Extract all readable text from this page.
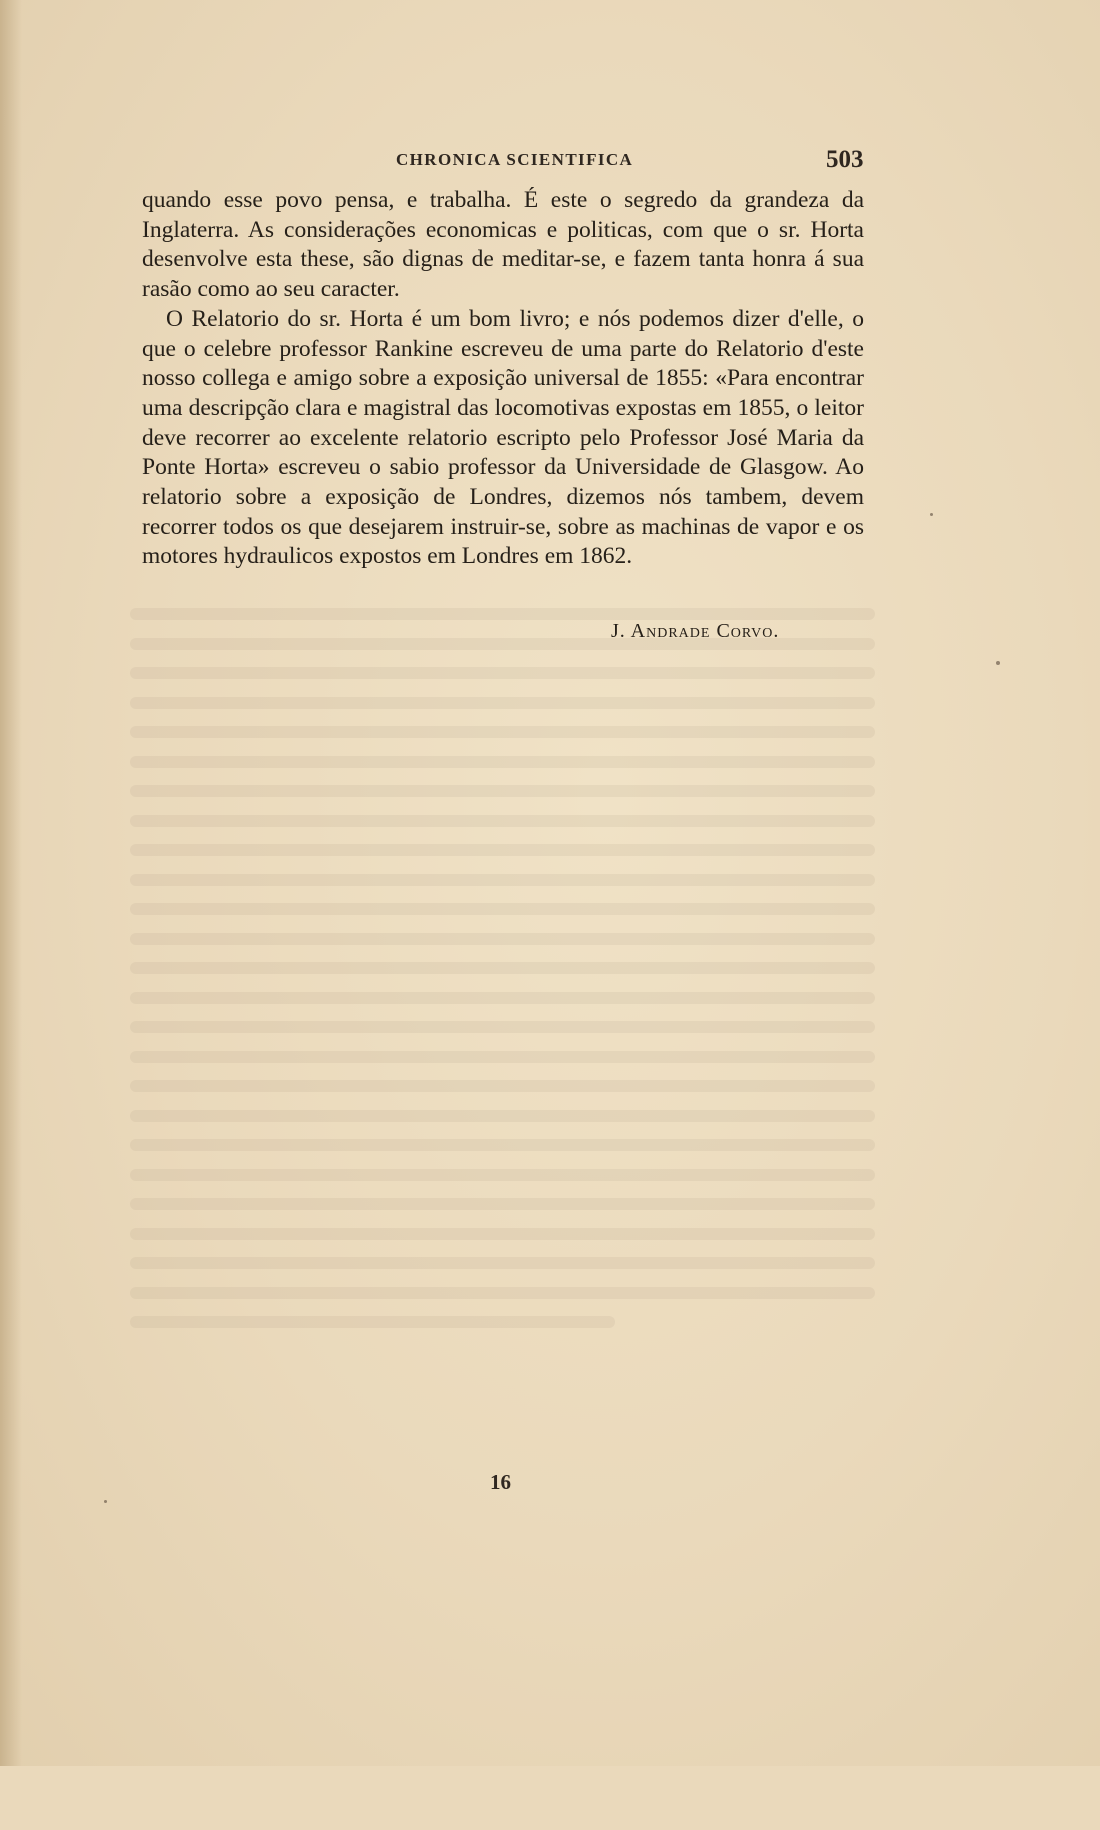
CHRONICA SCIENTIFICA	503

quando esse povo pensa, e trabalha. É este o segredo da grandeza da Inglaterra. As considerações economicas e politicas, com que o sr. Horta desenvolve esta these, são dignas de meditar-se, e fazem tanta honra á sua rasão como ao seu caracter.

O Relatorio do sr. Horta é um bom livro; e nós podemos dizer d'elle, o que o celebre professor Rankine escreveu de uma parte do Relatorio d'este nosso collega e amigo sobre a exposição universal de 1855: «Para encontrar uma descripção clara e magistral das locomotivas expostas em 1855, o leitor deve recorrer ao excelente relatorio escripto pelo Professor José Maria da Ponte Horta» escreveu o sabio professor da Universidade de Glasgow. Ao relatorio sobre a exposição de Londres, dizemos nós tambem, devem recorrer todos os que desejarem instruir-se, sobre as machinas de vapor e os motores hydraulicos expostos em Londres em 1862.

J. Andrade Corvo.
16
